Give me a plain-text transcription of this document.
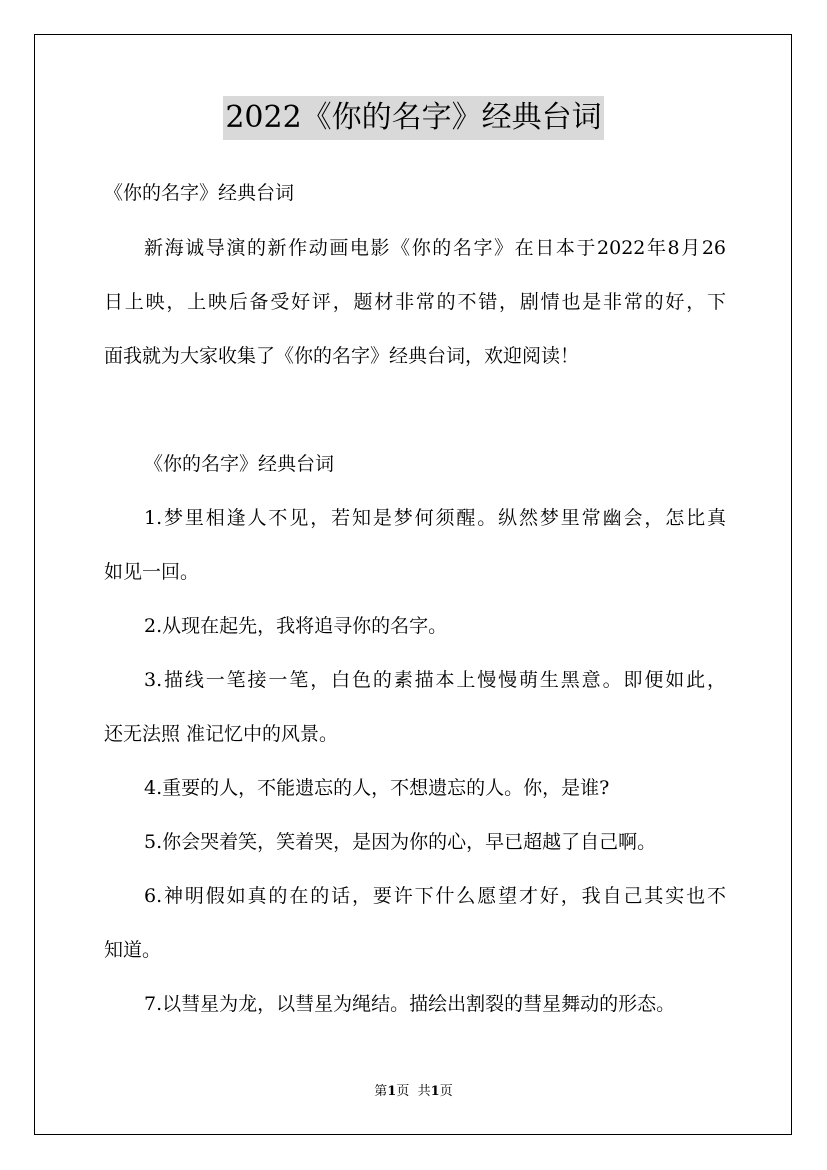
2022《你的名字》经典台词
《你的名字》经典台词
新海诚导演的新作动画电影《你的名字》在日本于2022年8月26
日上映，上映后备受好评，题材非常的不错，剧情也是非常的好，下
面我就为大家收集了《你的名字》经典台词，欢迎阅读！
《你的名字》经典台词
1.梦里相逢人不见，若知是梦何须醒。纵然梦里常幽会，怎比真
如见一回。
2.从现在起先，我将追寻你的名字。
3.描线一笔接一笔，白色的素描本上慢慢萌生黑意。即便如此，
还无法照 准记忆中的风景。
4.重要的人，不能遗忘的人，不想遗忘的人。你，是谁?
5.你会哭着笑，笑着哭，是因为你的心，早已超越了自己啊。
6.神明假如真的在的话，要许下什么愿望才好，我自己其实也不
知道。
7.以彗星为龙，以彗星为绳结。描绘出割裂的彗星舞动的形态。
第1页 共1页
